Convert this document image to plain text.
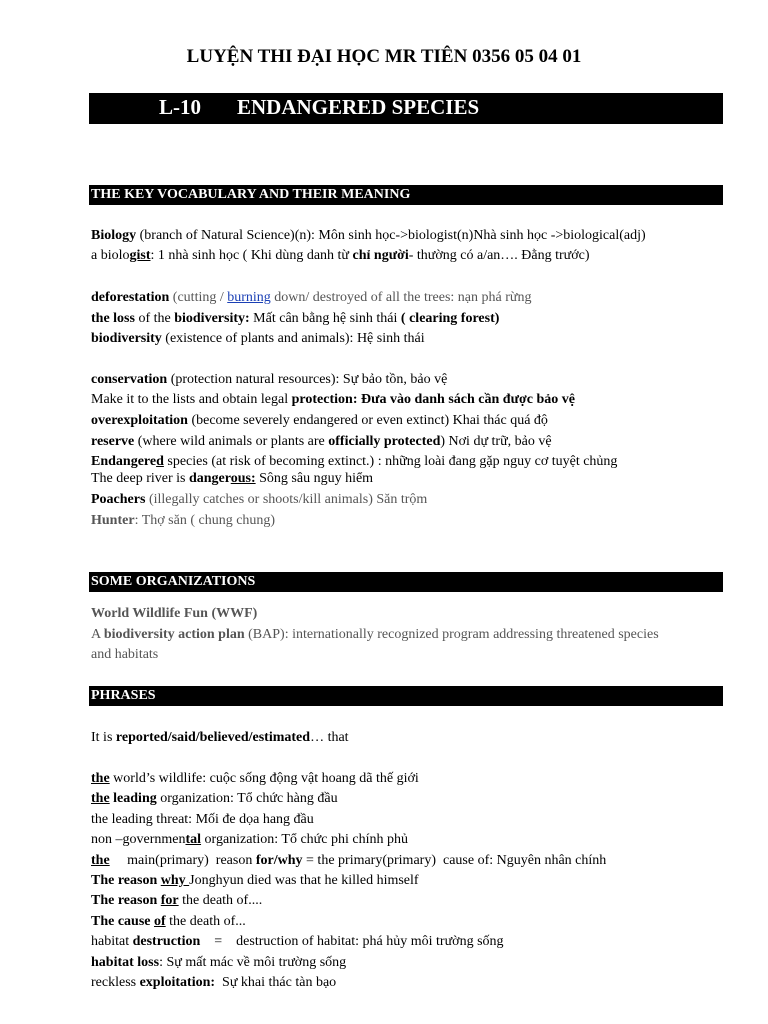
LUYỆN THI ĐẠI HỌC MR TIÊN 0356 05 04 01
L-10 ENDANGERED SPECIES
THE KEY VOCABULARY AND THEIR MEANING
Biology (branch of Natural Science)(n): Môn sinh học->biologist(n)Nhà sinh học ->biological(adj)
a biologist: 1 nhà sinh học ( Khi dùng danh từ chỉ người- thường có a/an…. Đằng trước)
deforestation (cutting / burning down/ destroyed of all the trees: nạn phá rừng
the loss of the biodiversity: Mất cân bằng hệ sinh thái ( clearing forest)
biodiversity (existence of plants and animals): Hệ sinh thái
conservation (protection natural resources): Sự bảo tồn, bảo vệ
Make it to the lists and obtain legal protection: Đưa vào danh sách cần được bảo vệ
overexploitation (become severely endangered or even extinct) Khai thác quá độ
reserve (where wild animals or plants are officially protected) Nơi dự trữ, bảo vệ
Endangered species (at risk of becoming extinct.) : những loài đang gặp nguy cơ tuyệt chủng
The deep river is dangerous: Sông sâu nguy hiểm
Poachers (illegally catches or shoots/kill animals) Săn trộm
Hunter: Thợ săn ( chung chung)
SOME ORGANIZATIONS
World Wildlife Fun (WWF)
A biodiversity action plan (BAP): internationally recognized program addressing threatened species
and habitats
PHRASES
It is reported/said/believed/estimated… that
the world’s wildlife: cuộc sống động vật hoang dã thế giới
the leading organization: Tổ chức hàng đầu
the leading threat: Mối đe dọa hang đầu
non –governmental organization: Tổ chức phi chính phủ
the     main(primary)  reason for/why = the primary(primary)  cause of: Nguyên nhân chính
The reason why Jonghyun died was that he killed himself
The reason for the death of....
The cause of the death of...
habitat destruction    =    destruction of habitat: phá hủy môi trường sống
habitat loss: Sự mất mác về môi trường sống
reckless exploitation:  Sự khai thác tàn bạo
